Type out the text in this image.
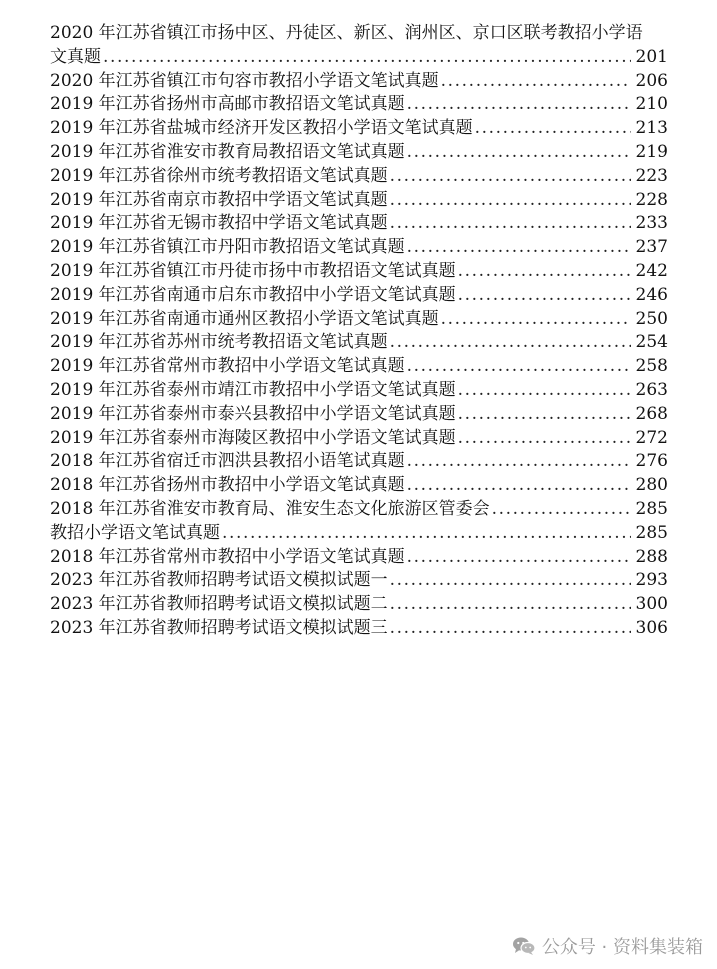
2020 年江苏省镇江市扬中区、丹徒区、新区、润州区、京口区联考教招小学语
文真题 .....	201
2020 年江苏省镇江市句容市教招小学语文笔试真题 .....	206
2019 年江苏省扬州市高邮市教招语文笔试真题 .....	210
2019 年江苏省盐城市经济开发区教招小学语文笔试真题 .....	213
2019 年江苏省淮安市教育局教招语文笔试真题 .....	219
2019 年江苏省徐州市统考教招语文笔试真题 .....	223
2019 年江苏省南京市教招中学语文笔试真题 .....	228
2019 年江苏省无锡市教招中学语文笔试真题 .....	233
2019 年江苏省镇江市丹阳市教招语文笔试真题 .....	237
2019 年江苏省镇江市丹徒市扬中市教招语文笔试真题 .....	242
2019 年江苏省南通市启东市教招中小学语文笔试真题 .....	246
2019 年江苏省南通市通州区教招小学语文笔试真题 .....	250
2019 年江苏省苏州市统考教招语文笔试真题 .....	254
2019 年江苏省常州市教招中小学语文笔试真题 .....	258
2019 年江苏省泰州市靖江市教招中小学语文笔试真题 .....	263
2019 年江苏省泰州市泰兴县教招中小学语文笔试真题 .....	268
2019 年江苏省泰州市海陵区教招中小学语文笔试真题 .....	272
2018 年江苏省宿迁市泗洪县教招小语笔试真题 .....	276
2018 年江苏省扬州市教招中小学语文笔试真题 .....	280
2018 年江苏省淮安市教育局、淮安生态文化旅游区管委会 .....	285
教招小学语文笔试真题 .....	285
2018 年江苏省常州市教招中小学语文笔试真题 .....	288
2023 年江苏省教师招聘考试语文模拟试题一 .....	293
2023 年江苏省教师招聘考试语文模拟试题二 .....	300
2023 年江苏省教师招聘考试语文模拟试题三 .....	306
公众号 · 资料集装箱
